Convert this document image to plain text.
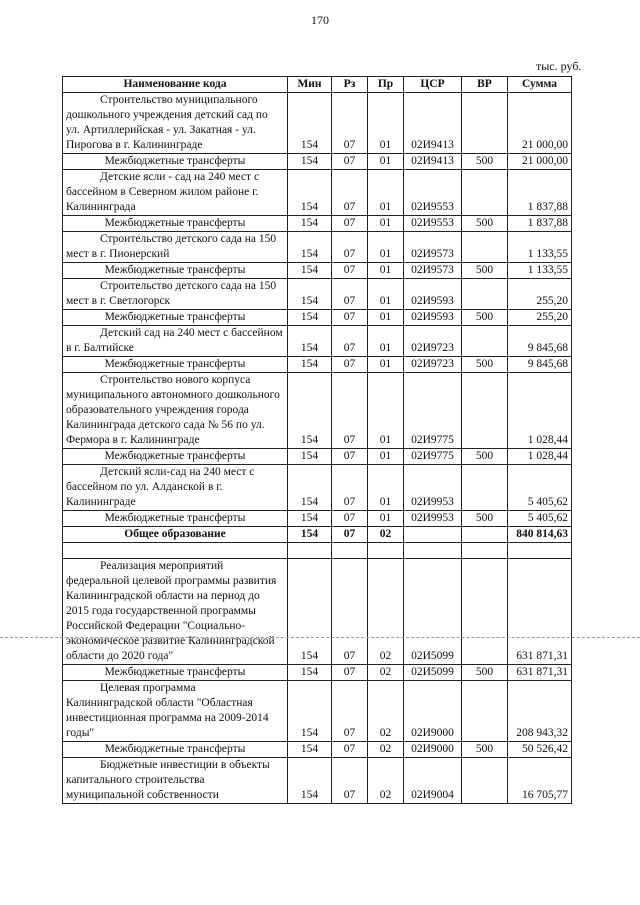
170
тыс. руб.
Наименование кода	Мин	Рз	Пр	ЦСР	ВР	Сумма

Строительство муниципального дошкольного учреждения детский сад по ул. Артиллерийская - ул. Закатная - ул. Пирогова в г. Калининграде	154	07	01	02И9413		21 000,00
Межбюджетные трансферты	154	07	01	02И9413	500	21 000,00

Детские ясли - сад на 240 мест с бассейном в Северном жилом районе г. Калининграда	154	07	01	02И9553		1 837,88
Межбюджетные трансферты	154	07	01	02И9553	500	1 837,88

Строительство детского сада на 150 мест в г. Пионерский	154	07	01	02И9573		1 133,55
Межбюджетные трансферты	154	07	01	02И9573	500	1 133,55

Строительство детского сада на 150 мест в г. Светлогорск	154	07	01	02И9593		255,20
Межбюджетные трансферты	154	07	01	02И9593	500	255,20

Детский сад на 240 мест с бассейном в г. Балтийске	154	07	01	02И9723		9 845,68
Межбюджетные трансферты	154	07	01	02И9723	500	9 845,68

Строительство нового корпуса муниципального автономного дошкольного образовательного учреждения города Калининграда детского сада № 56 по ул. Фермора в г. Калининграде	154	07	01	02И9775		1 028,44
Межбюджетные трансферты	154	07	01	02И9775	500	1 028,44

Детский ясли-сад на 240 мест с бассейном по ул. Алданской в г. Калининграде	154	07	01	02И9953		5 405,62
Межбюджетные трансферты	154	07	01	02И9953	500	5 405,62
Общее образование	154	07	02			840 814,63

Реализация мероприятий федеральной целевой программы развития Калининградской области на период до 2015 года государственной программы Российской Федерации "Социально-экономическое развитие Калининградской области до 2020 года"	154	07	02	02И5099		631 871,31
Межбюджетные трансферты	154	07	02	02И5099	500	631 871,31

Целевая программа Калининградской области "Областная инвестиционная программа на 2009-2014 годы"	154	07	02	02И9000		208 943,32
Межбюджетные трансферты	154	07	02	02И9000	500	50 526,42

Бюджетные инвестиции в объекты капитального строительства муниципальной собственности	154	07	02	02И9004		16 705,77
